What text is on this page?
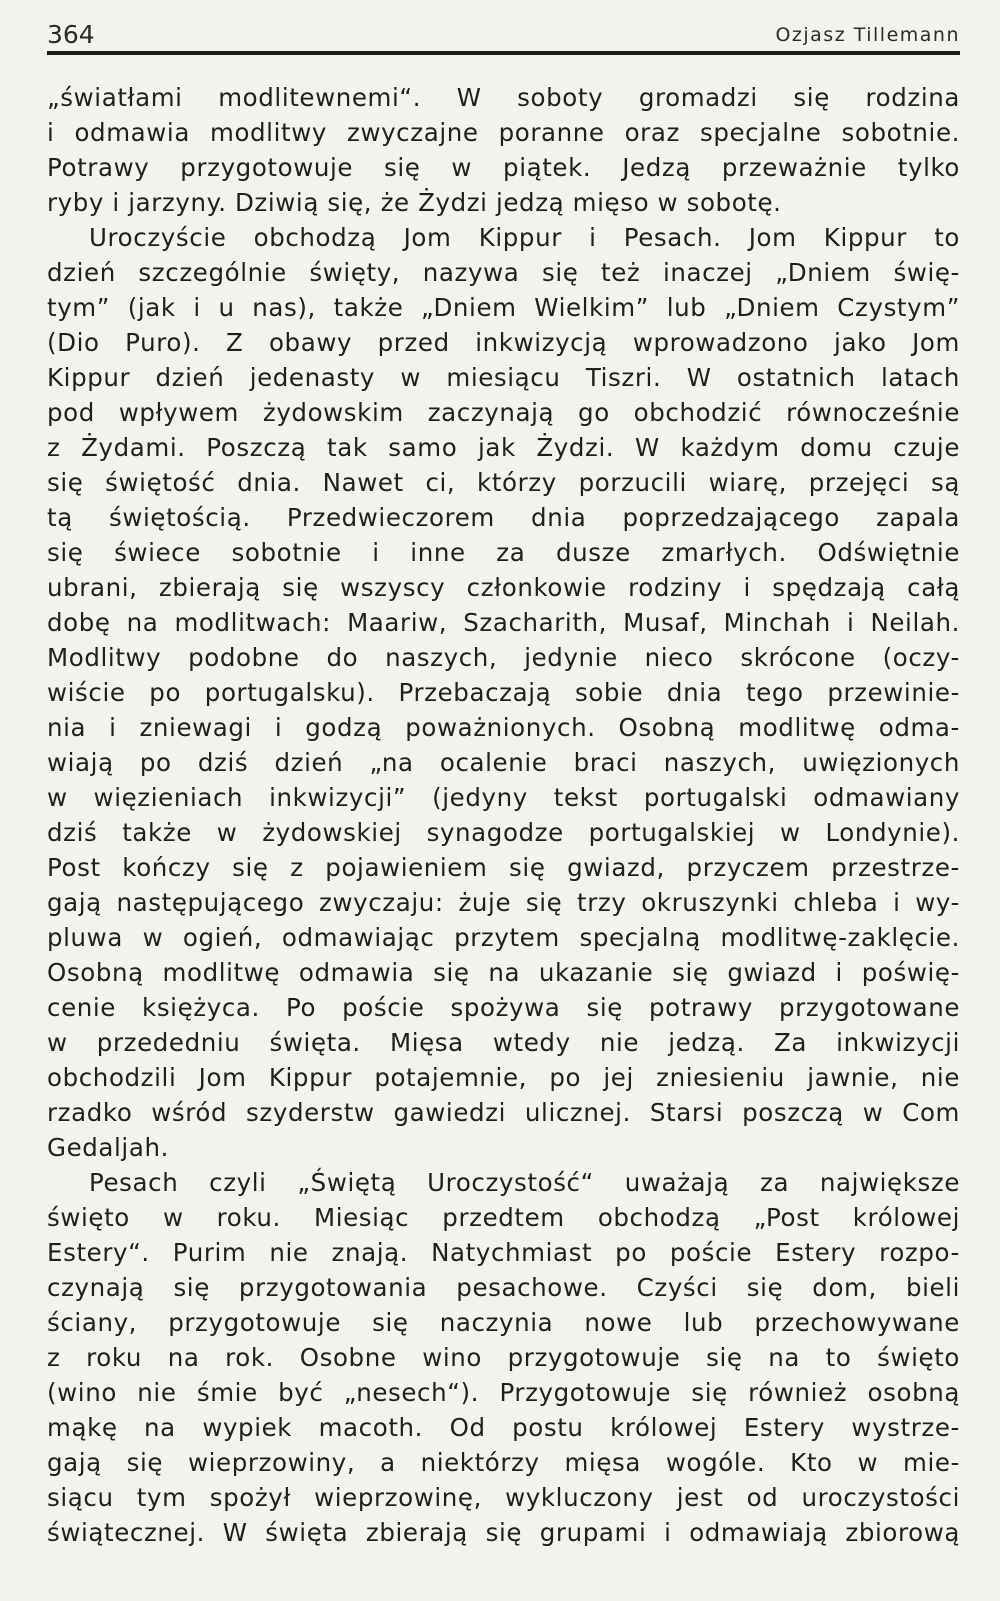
364	Ozjasz Tillemann
„światłami modlitewnemi“. W soboty gromadzi się rodzina
i odmawia modlitwy zwyczajne poranne oraz specjalne sobotnie.
Potrawy przygotowuje się w piątek. Jedzą przeważnie tylko
ryby i jarzyny. Dziwią się, że Żydzi jedzą mięso w sobotę.
Uroczyście obchodzą Jom Kippur i Pesach. Jom Kippur to
dzień szczególnie święty, nazywa się też inaczej „Dniem świę-
tym” (jak i u nas), także „Dniem Wielkim” lub „Dniem Czystym”
(Dio Puro). Z obawy przed inkwizycją wprowadzono jako Jom
Kippur dzień jedenasty w miesiącu Tiszri. W ostatnich latach
pod wpływem żydowskim zaczynają go obchodzić równocześnie
z Żydami. Poszczą tak samo jak Żydzi. W każdym domu czuje
się świętość dnia. Nawet ci, którzy porzucili wiarę, przejęci są
tą świętością. Przedwieczorem dnia poprzedzającego zapala
się świece sobotnie i inne za dusze zmarłych. Odświętnie
ubrani, zbierają się wszyscy członkowie rodziny i spędzają całą
dobę na modlitwach: Maariw, Szacharith, Musaf, Minchah i Neilah.
Modlitwy podobne do naszych, jedynie nieco skrócone (oczy-
wiście po portugalsku). Przebaczają sobie dnia tego przewinie-
nia i zniewagi i godzą poważnionych. Osobną modlitwę odma-
wiają po dziś dzień „na ocalenie braci naszych, uwięzionych
w więzieniach inkwizycji” (jedyny tekst portugalski odmawiany
dziś także w żydowskiej synagodze portugalskiej w Londynie).
Post kończy się z pojawieniem się gwiazd, przyczem przestrze-
gają następującego zwyczaju: żuje się trzy okruszynki chleba i wy-
pluwa w ogień, odmawiając przytem specjalną modlitwę-zaklęcie.
Osobną modlitwę odmawia się na ukazanie się gwiazd i poświę-
cenie księżyca. Po poście spożywa się potrawy przygotowane
w przededniu święta. Mięsa wtedy nie jedzą. Za inkwizycji
obchodzili Jom Kippur potajemnie, po jej zniesieniu jawnie, nie
rzadko wśród szyderstw gawiedzi ulicznej. Starsi poszczą w Com
Gedaljah.
Pesach czyli „Świętą Uroczystość“ uważają za największe
święto w roku. Miesiąc przedtem obchodzą „Post królowej
Estery“. Purim nie znają. Natychmiast po poście Estery rozpo-
czynają się przygotowania pesachowe. Czyści się dom, bieli
ściany, przygotowuje się naczynia nowe lub przechowywane
z roku na rok. Osobne wino przygotowuje się na to święto
(wino nie śmie być „nesech“). Przygotowuje się również osobną
mąkę na wypiek macoth. Od postu królowej Estery wystrze-
gają się wieprzowiny, a niektórzy mięsa wogóle. Kto w mie-
siącu tym spożył wieprzowinę, wykluczony jest od uroczystości
świątecznej. W święta zbierają się grupami i odmawiają zbiorową
